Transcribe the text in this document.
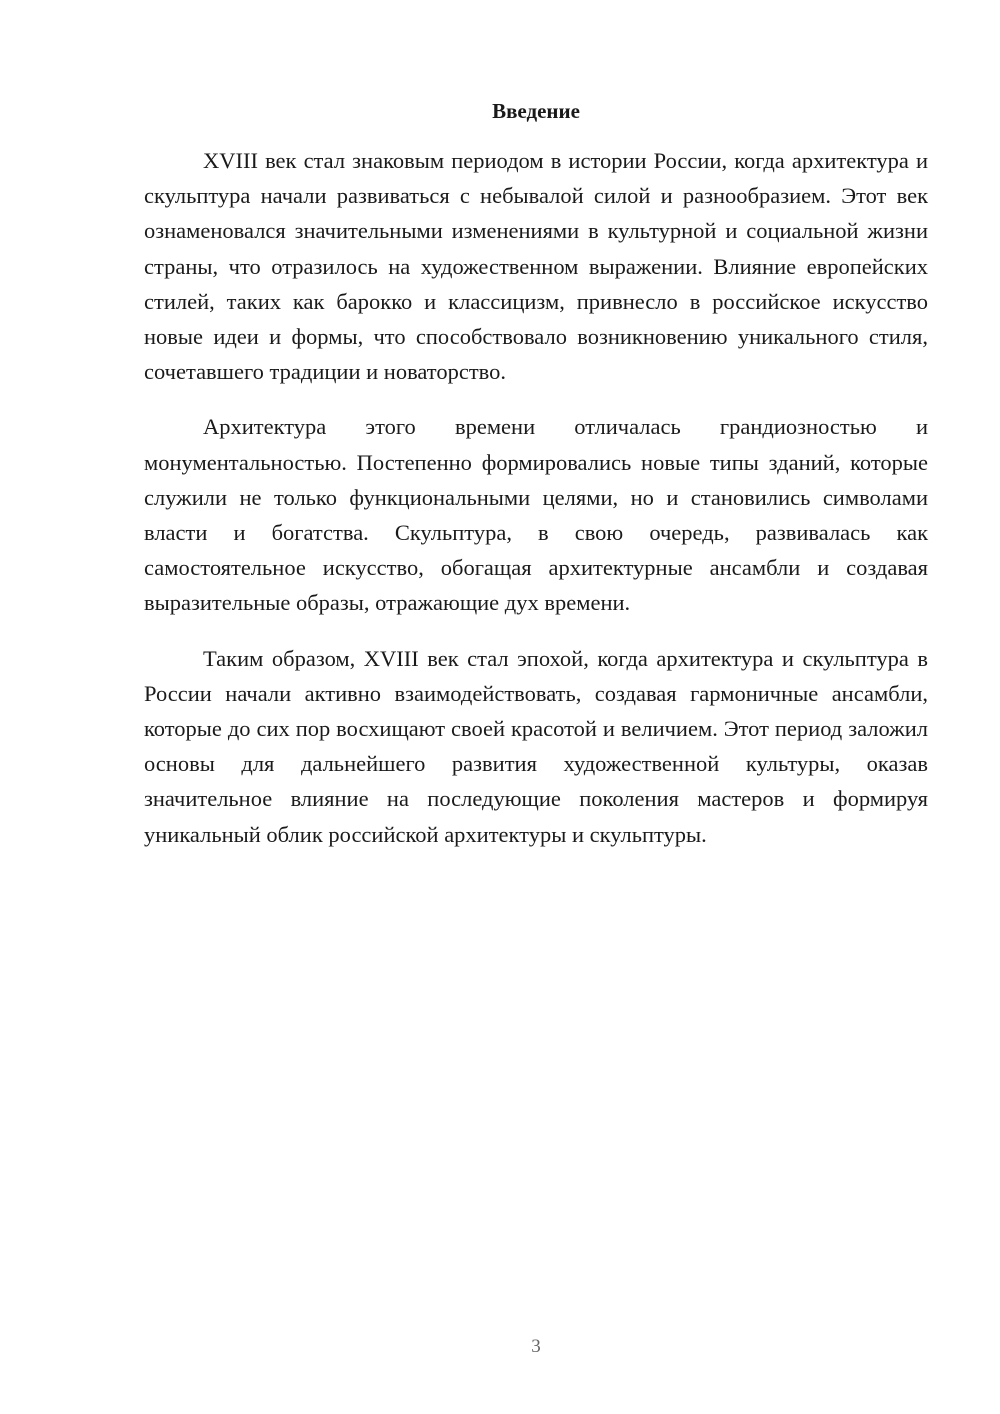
Введение

XVIII век стал знаковым периодом в истории России, когда архитектура и скульптура начали развиваться с небывалой силой и разнообразием. Этот век ознаменовался значительными изменениями в культурной и социальной жизни страны, что отразилось на художественном выражении. Влияние европейских стилей, таких как барокко и классицизм, привнесло в российское искусство новые идеи и формы, что способствовало возникновению уникального стиля, сочетавшего традиции и новаторство.

Архитектура этого времени отличалась грандиозностью и монументальностью. Постепенно формировались новые типы зданий, которые служили не только функциональными целями, но и становились символами власти и богатства. Скульптура, в свою очередь, развивалась как самостоятельное искусство, обогащая архитектурные ансамбли и создавая выразительные образы, отражающие дух времени.

Таким образом, XVIII век стал эпохой, когда архитектура и скульптура в России начали активно взаимодействовать, создавая гармоничные ансамбли, которые до сих пор восхищают своей красотой и величием. Этот период заложил основы для дальнейшего развития художественной культуры, оказав значительное влияние на последующие поколения мастеров и формируя уникальный облик российской архитектуры и скульптуры.

3
